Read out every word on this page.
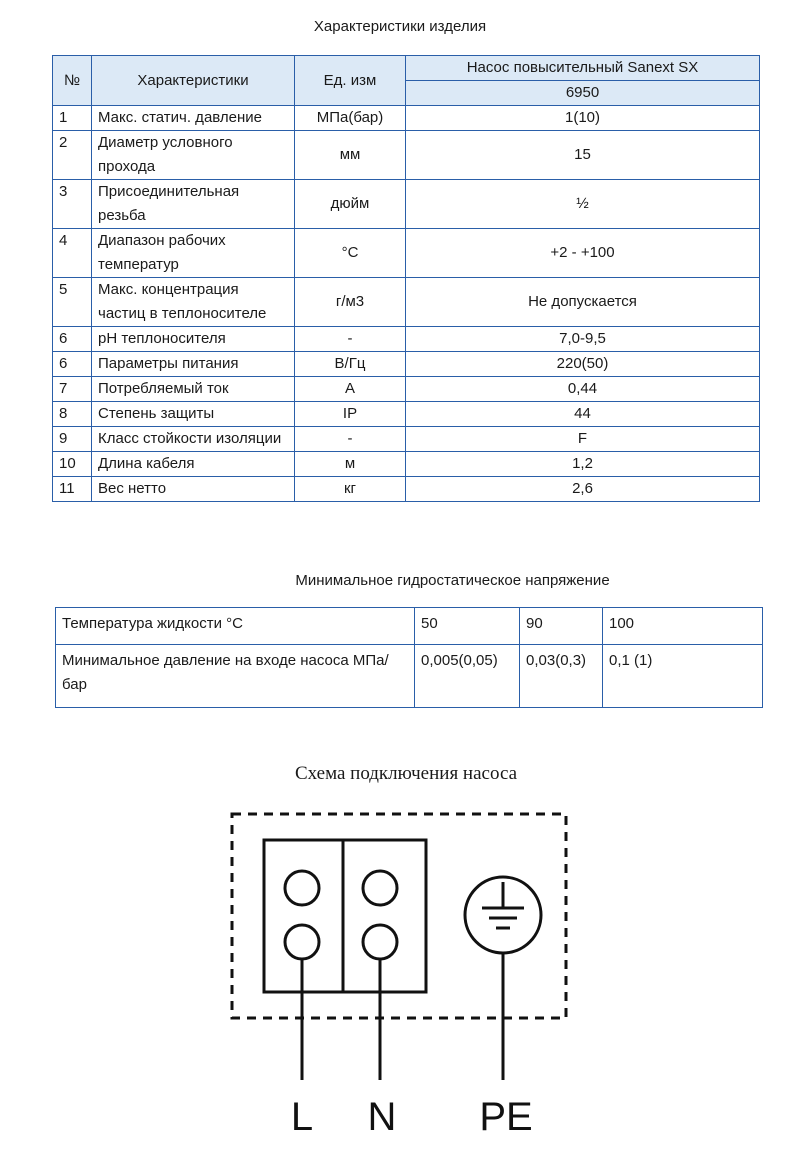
Характеристики изделия
№	Характеристики	Ед. изм	Насос повысительный Sanext SX
			6950
1	Макс. статич. давление	МПа(бар)	1(10)
2	Диаметр условного прохода	мм	15
3	Присоединительная резьба	дюйм	½
4	Диапазон рабочих температур	°С	+2 - +100
5	Макс. концентрация частиц в теплоносителе	г/м3	Не допускается
6	pH теплоносителя	-	7,0-9,5
6	Параметры питания	В/Гц	220(50)
7	Потребляемый ток	А	0,44
8	Степень защиты	IP	44
9	Класс стойкости изоляции	-	F
10	Длина кабеля	м	1,2
11	Вес нетто	кг	2,6
Минимальное гидростатическое напряжение
Температура жидкости °С	50	90	100
Минимальное давление на входе насоса МПа/бар	0,005(0,05)	0,03(0,3)	0,1 (1)
Схема подключения насоса
L N PE
